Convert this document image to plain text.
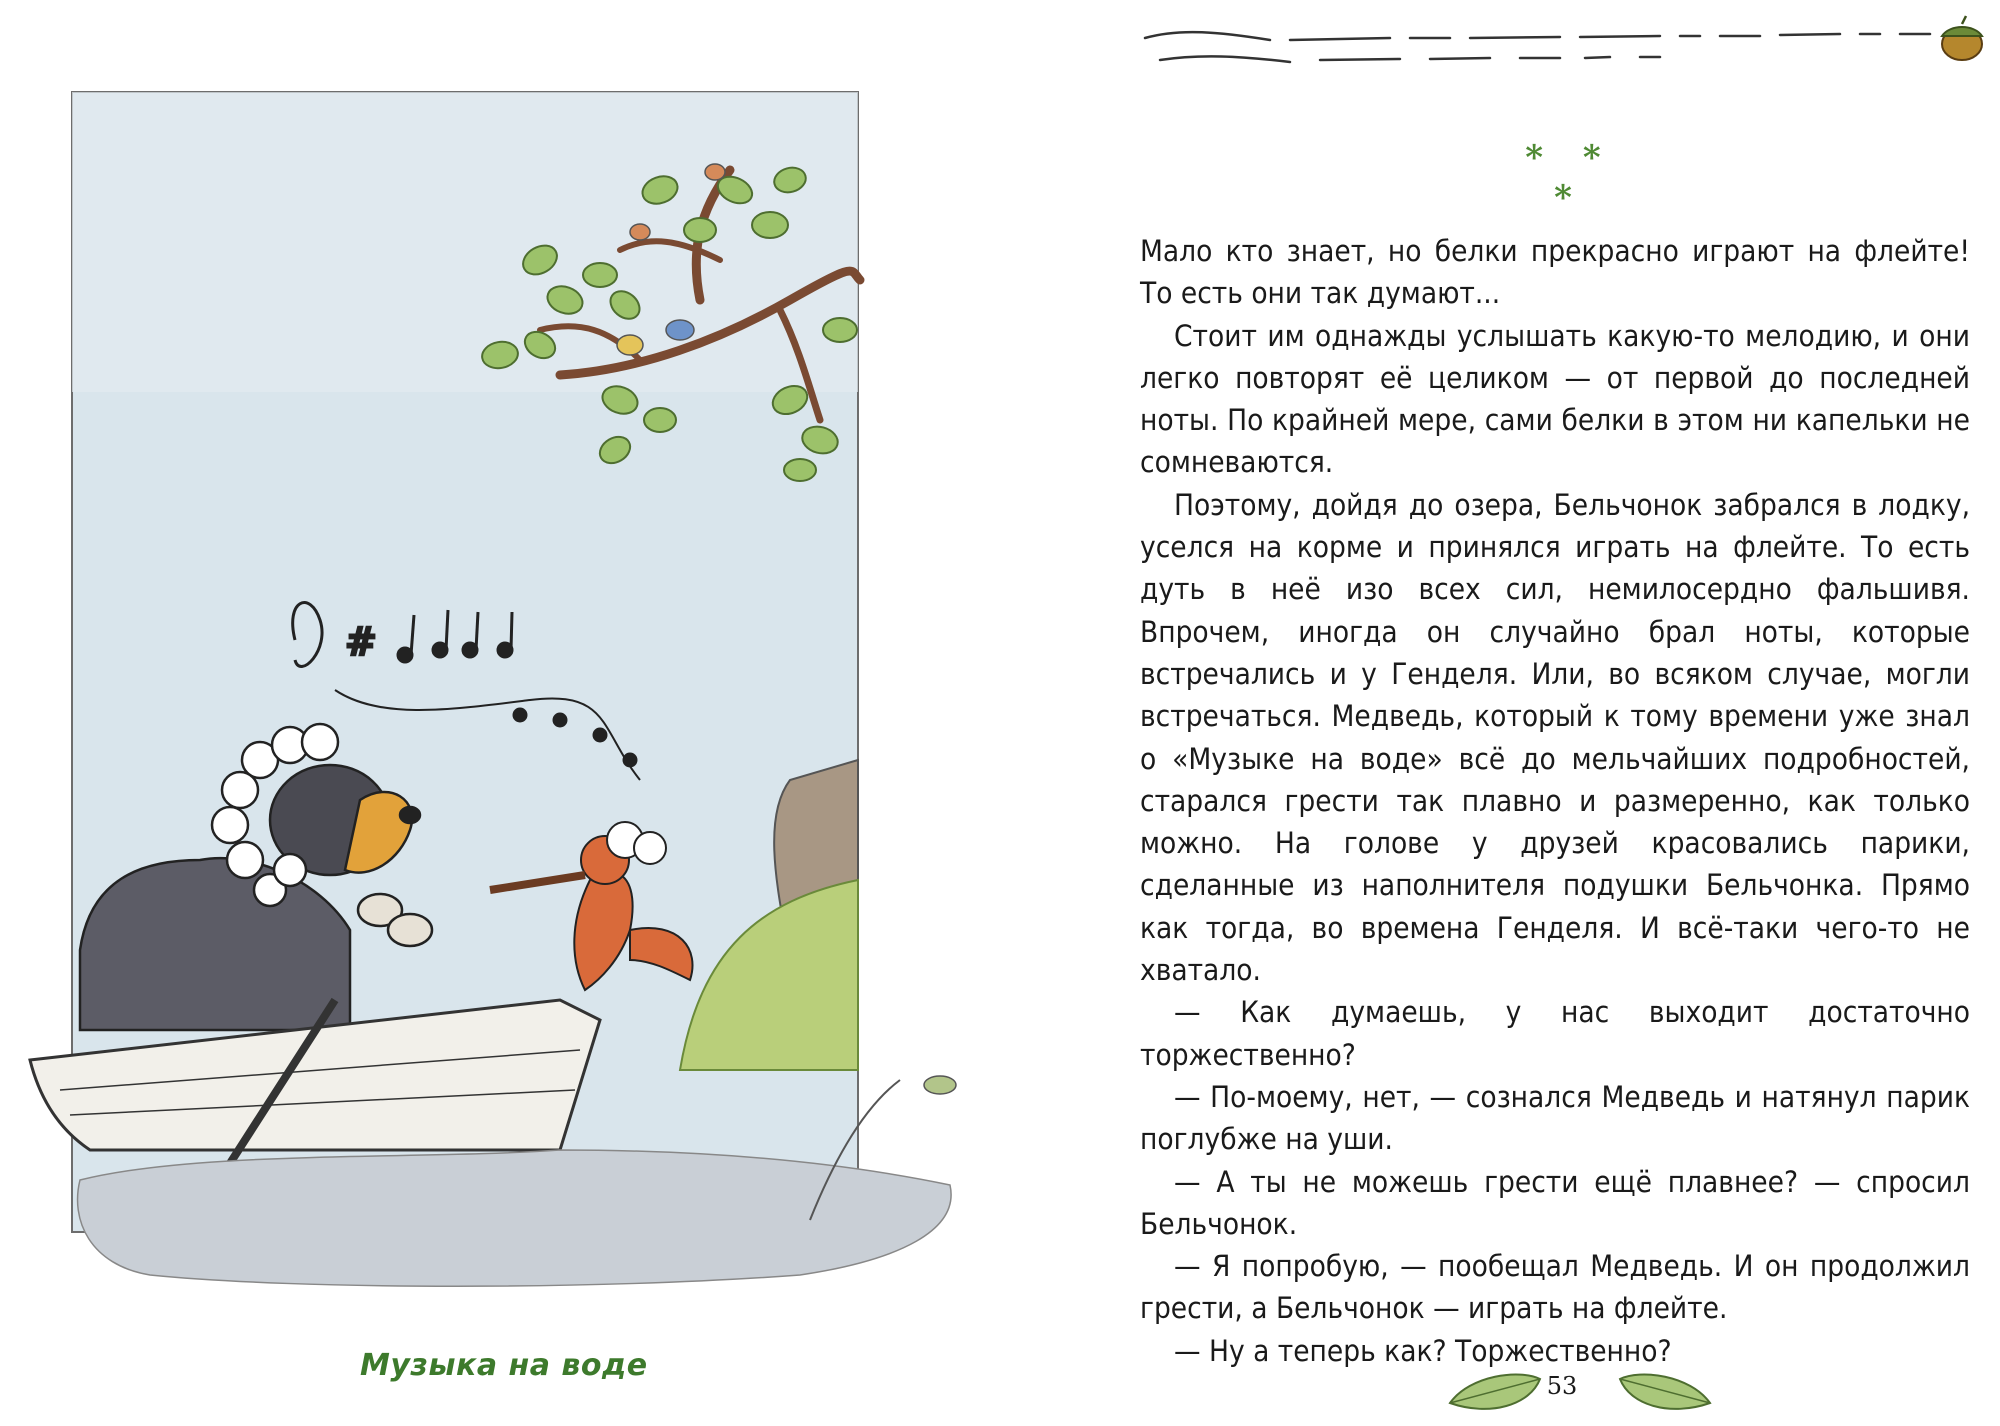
#
Музыка на воде
* * *

Мало кто знает, но белки прекрасно играют на флейте! То есть они так думают...

Стоит им однажды услышать какую-то мелодию, и они легко повторят её целиком — от первой до последней ноты. По крайней мере, сами белки в этом ни капельки не сомневаются.

Поэтому, дойдя до озера, Бельчонок забрался в лодку, уселся на корме и принялся играть на флейте. То есть дуть в неё изо всех сил, немилосердно фальшивя. Впрочем, иногда он случайно брал ноты, которые встречались и у Генделя. Или, во всяком случае, могли встречаться. Медведь, который к тому времени уже знал о «Музыке на воде» всё до мельчайших подробностей, старался грести так плавно и размеренно, как только можно. На голове у друзей красовались парики, сделанные из наполнителя подушки Бельчонка. Прямо как тогда, во времена Генделя. И всё-таки чего-то не хватало.

— Как думаешь, у нас выходит достаточно торжественно?

— По-моему, нет, — сознался Медведь и натянул парик поглубже на уши.

— А ты не можешь грести ещё плавнее? — спросил Бельчонок.

— Я попробую, — пообещал Медведь. И он продолжил грести, а Бельчонок — играть на флейте.

— Ну а теперь как? Торжественно?

53
